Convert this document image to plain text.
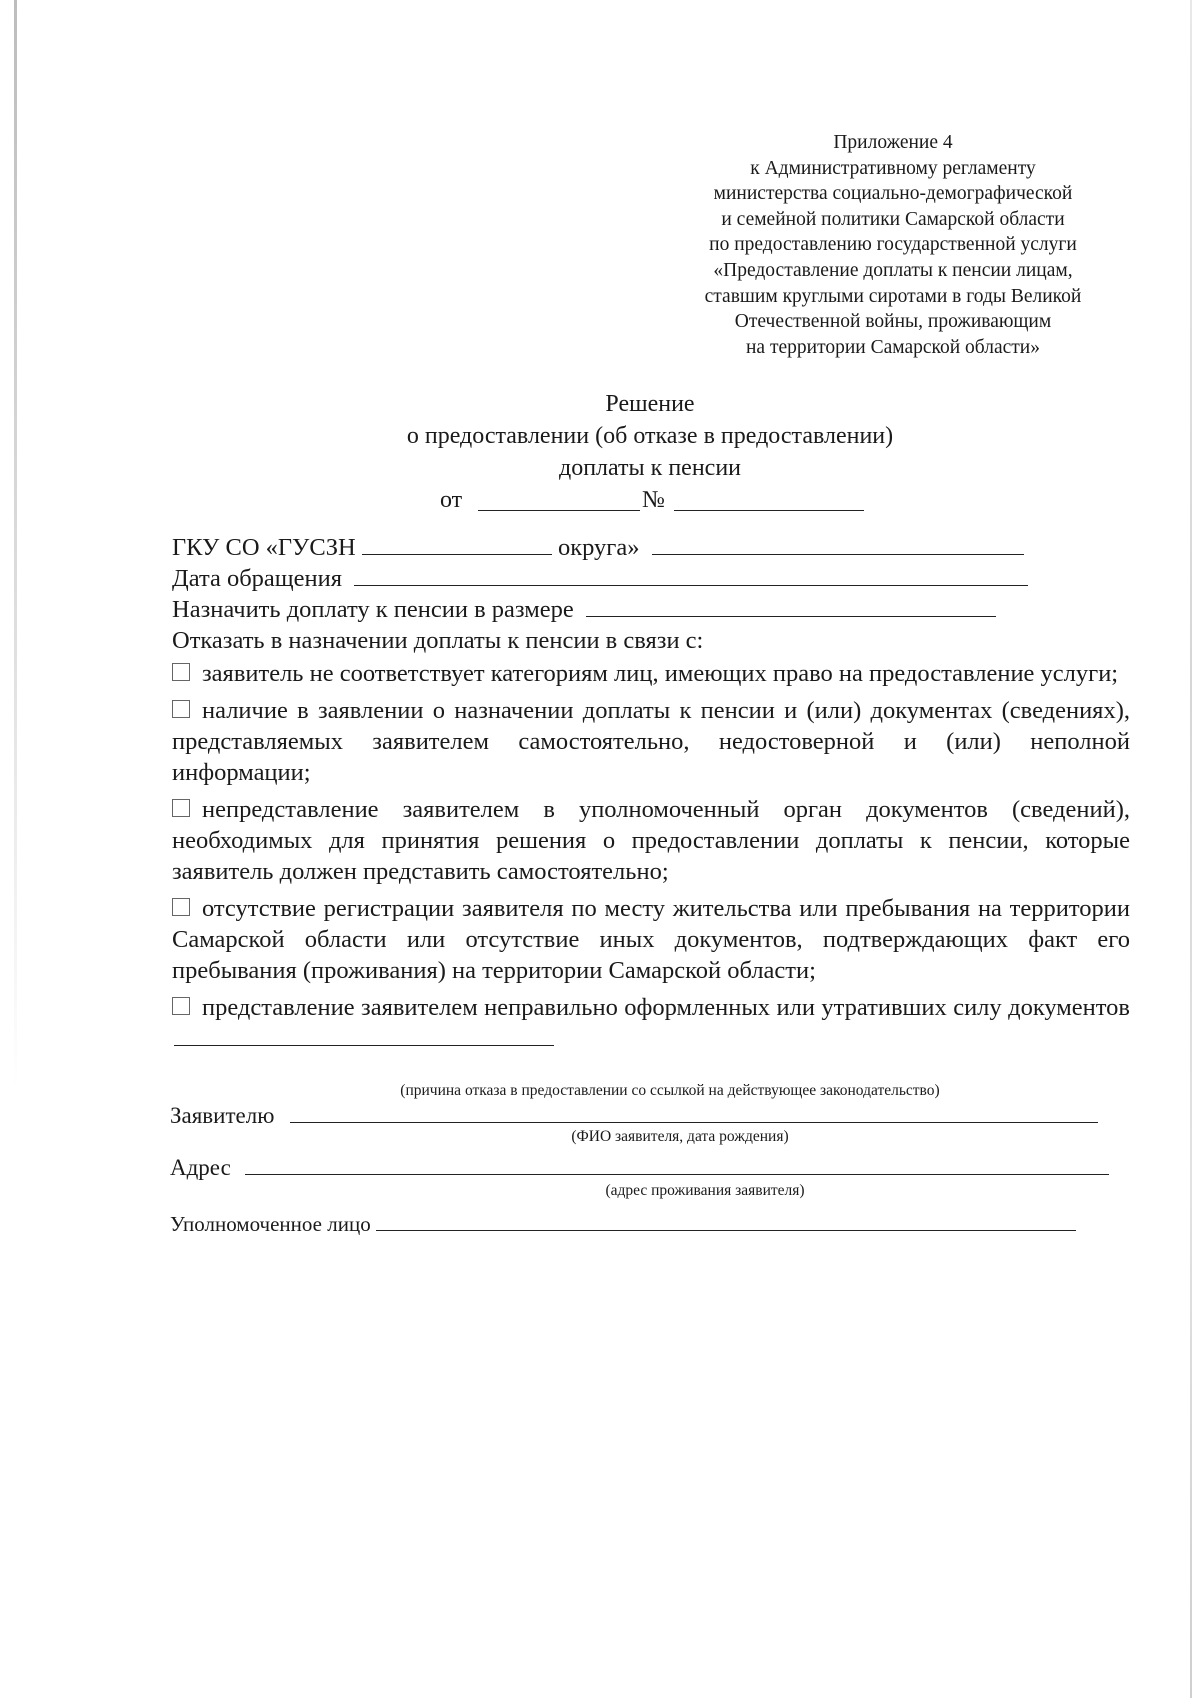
Приложение 4
к Административному регламенту
министерства социально-демографической
и семейной политики Самарской области
по предоставлению государственной услуги
«Предоставление доплаты к пенсии лицам,
ставшим круглыми сиротами в годы Великой
Отечественной войны, проживающим
на территории Самарской области»
Решение
о предоставлении (об отказе в предоставлении)
доплаты к пенсии
от	№
ГКУ СО «ГУСЗН	округа»
Дата обращения
Назначить доплату к пенсии в размере
Отказать в назначении доплаты к пенсии в связи с:

заявитель не соответствует категориям лиц, имеющих право на предоставление услуги;

наличие в заявлении о назначении доплаты к пенсии и (или) документах (сведениях), представляемых заявителем самостоятельно, недостоверной и (или) неполной информации;

непредставление заявителем в уполномоченный орган документов (сведений), необходимых для принятия решения о предоставлении доплаты к пенсии, которые заявитель должен представить самостоятельно;

отсутствие регистрации заявителя по месту жительства или пребывания на территории Самарской области или отсутствие иных документов, подтверждающих факт его пребывания (проживания) на территории Самарской области;

представление заявителем неправильно оформленных или утративших силу документов

(причина отказа в предоставлении со ссылкой на действующее законодательство)
Заявителю
(ФИО заявителя, дата рождения)
Адрес
(адрес проживания заявителя)
Уполномоченное лицо
